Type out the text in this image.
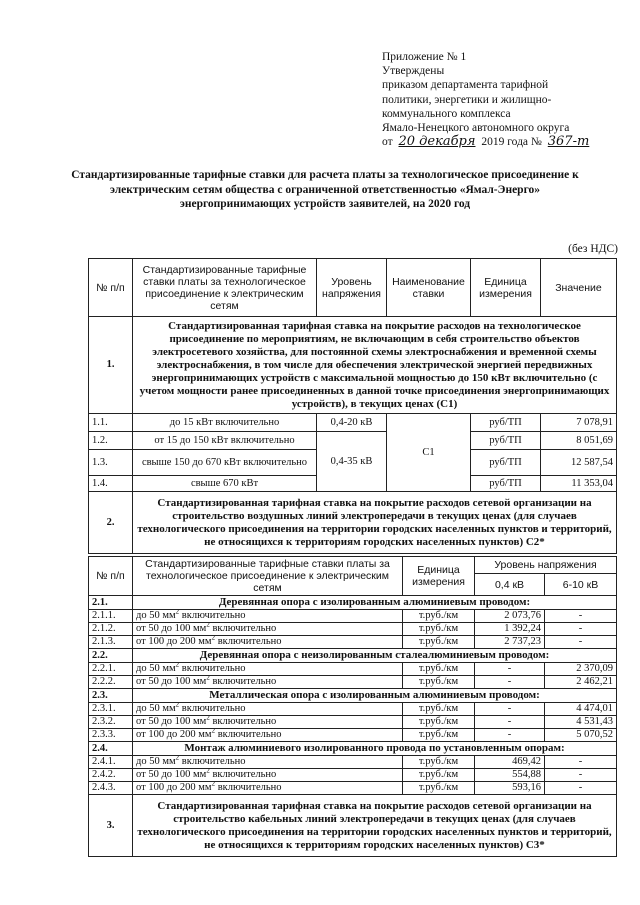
Приложение № 1
Утверждены
приказом департамента тарифной
политики, энергетики и жилищно-
коммунального комплекса
Ямало-Ненецкого автономного округа
от 20 декабря 2019 года № 367-т
Стандартизированные тарифные ставки для расчета платы за технологическое присоединение к электрическим сетям общества с ограниченной ответственностью «Ямал-Энерго» энергопринимающих устройств заявителей, на 2020 год
(без НДС)
№ п/п	Стандартизированные тарифные ставки платы за технологическое присоединение к электрическим сетям	Уровень напряжения	Наименование ставки	Единица измерения	Значение
1.	Стандартизированная тарифная ставка на покрытие расходов на технологическое присоединение по мероприятиям, не включающим в себя строительство объектов электросетевого хозяйства, для постоянной схемы электроснабжения и временной схемы электроснабжения, в том числе для обеспечения электрической энергией передвижных энергопринимающих устройств с максимальной мощностью до 150 кВт включительно (с учетом мощности ранее присоединенных в данной точке присоединения энергопринимающих устройств), в текущих ценах (С1)				
1.1.	до 15 кВт включительно	0,4-20 кВ	С1	руб/ТП	7 078,91
1.2.	от 15 до 150 кВт включительно	0,4-35 кВ		руб/ТП	8 051,69
1.3.	свыше 150 до 670 кВт включительно			руб/ТП	12 587,54
1.4.	свыше 670 кВт			руб/ТП	11 353,04
2.	Стандартизированная тарифная ставка на покрытие расходов сетевой организации на строительство воздушных линий электропередачи в текущих ценах (для случаев технологического присоединения на территории городских населенных пунктов и территорий, не относящихся к территориям городских населенных пунктов) С2*				
№ п/п	Стандартизированные тарифные ставки платы за технологическое присоединение к электрическим сетям	Единица измерения	Уровень напряжения	
			0,4 кВ	6-10 кВ
2.1.	Деревянная опора с изолированным алюминиевым проводом:			
2.1.1.	до 50 $мм^2$ включительно	т.руб./км	2 073,76	-
2.1.2.	от 50 до 100 $мм^2$ включительно	т.руб./км	1 392,24	-
2.1.3.	от 100 до 200 $мм^2$ включительно	т.руб./км	2 737,23	-
2.2.	Деревянная опора с неизолированным сталеалюминиевым проводом:			
2.2.1.	до 50 $мм^2$ включительно	т.руб./км	-	2 370,09
2.2.2.	от 50 до 100 $мм^2$ включительно	т.руб./км	-	2 462,21
2.3.	Металлическая опора с изолированным алюминиевым проводом:			
2.3.1.	до 50 $мм^2$ включительно	т.руб./км	-	4 474,01
2.3.2.	от 50 до 100 $мм^2$ включительно	т.руб./км	-	4 531,43
2.3.3.	от 100 до 200 $мм^2$ включительно	т.руб./км	-	5 070,52
2.4.	Монтаж алюминиевого изолированного провода по установленным опорам:			
2.4.1.	до 50 $мм^2$ включительно	т.руб./км	469,42	-
2.4.2.	от 50 до 100 $мм^2$ включительно	т.руб./км	554,88	-
2.4.3.	от 100 до 200 $мм^2$ включительно	т.руб./км	593,16	-
3.	Стандартизированная тарифная ставка на покрытие расходов сетевой организации на строительство кабельных линий электропередачи в текущих ценах (для случаев технологического присоединения на территории городских населенных пунктов и территорий, не относящихся к территориям городских населенных пунктов) С3*			
